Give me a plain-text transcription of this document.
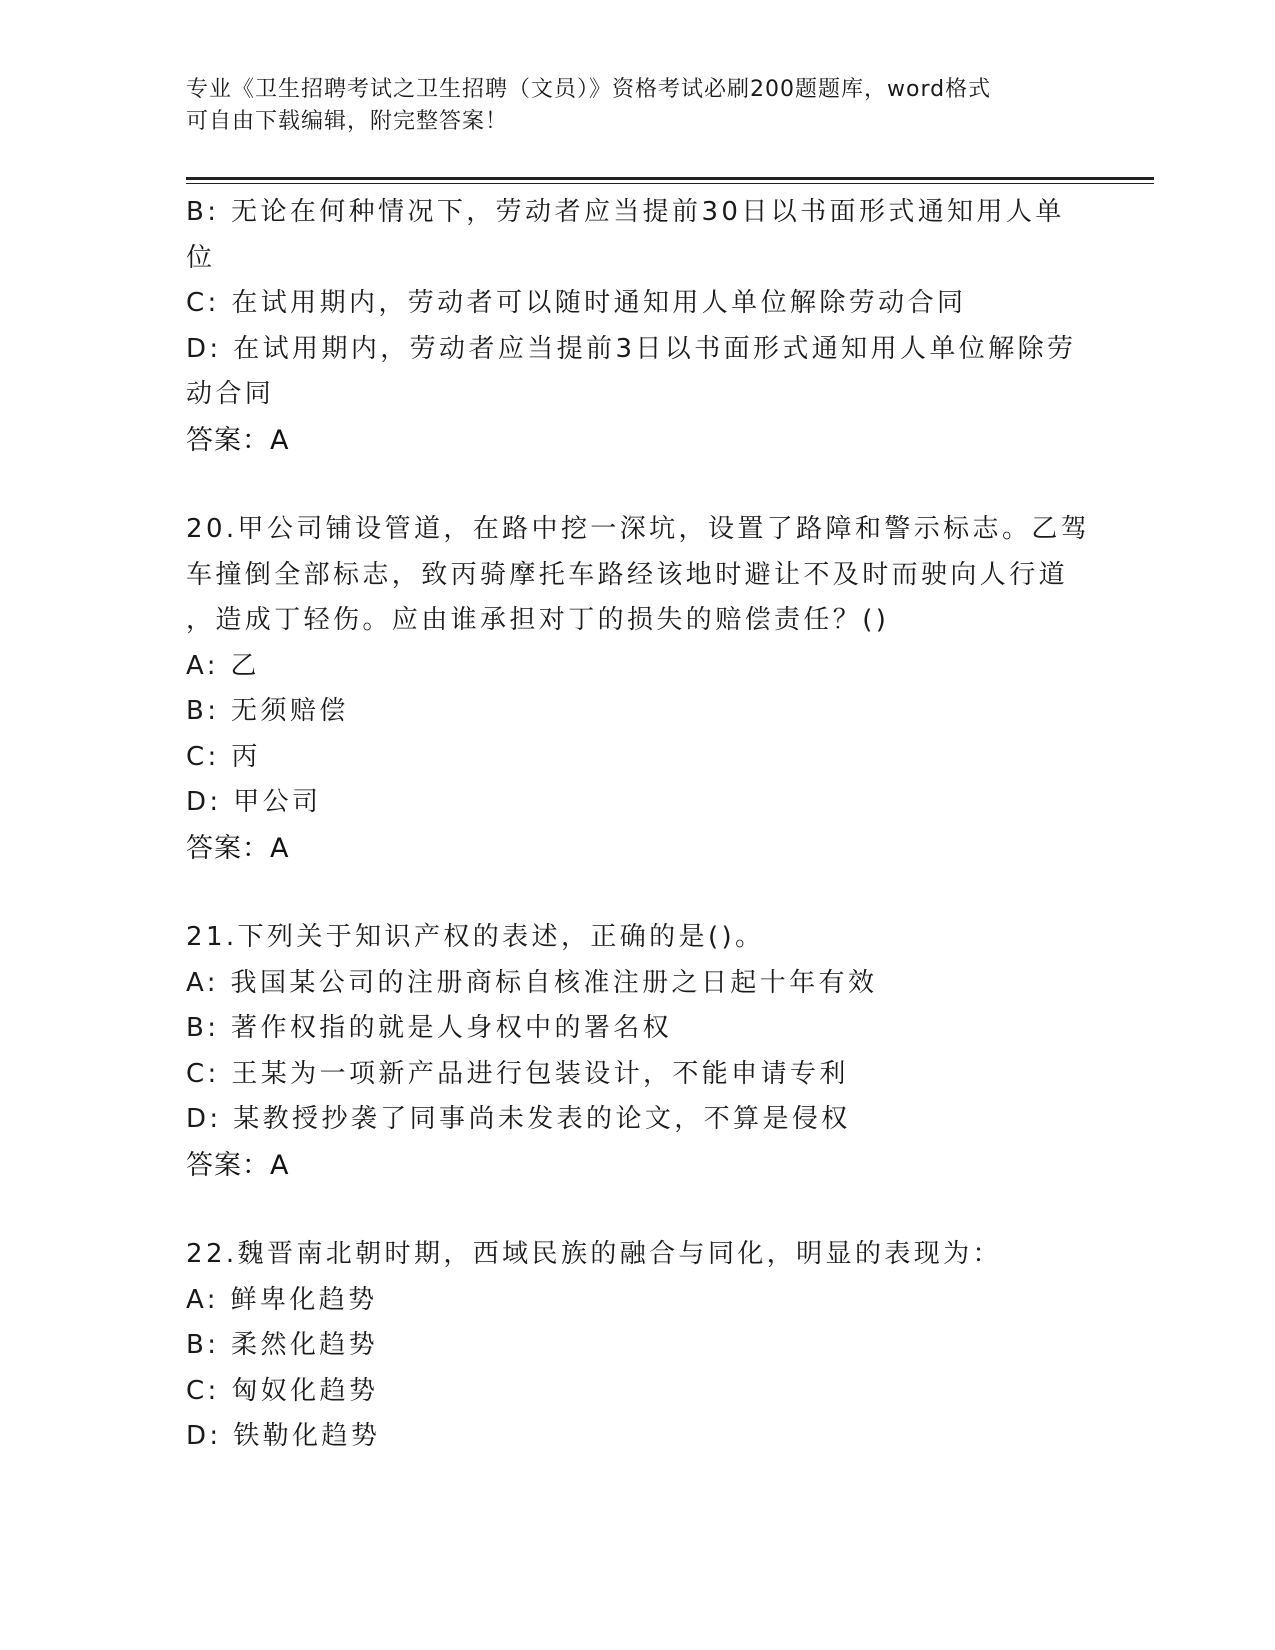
专业《卫生招聘考试之卫生招聘（文员）》资格考试必刷200题题库，word格式
可自由下载编辑，附完整答案！
B: 无论在何种情况下，劳动者应当提前30日以书面形式通知用人单
位
C: 在试用期内，劳动者可以随时通知用人单位解除劳动合同
D: 在试用期内，劳动者应当提前3日以书面形式通知用人单位解除劳
动合同
答案：A
20.甲公司铺设管道，在路中挖一深坑，设置了路障和警示标志。乙驾
车撞倒全部标志，致丙骑摩托车路经该地时避让不及时而驶向人行道
，造成丁轻伤。应由谁承担对丁的损失的赔偿责任？()
A: 乙
B: 无须赔偿
C: 丙
D: 甲公司
答案：A
21.下列关于知识产权的表述，正确的是()。
A: 我国某公司的注册商标自核准注册之日起十年有效
B: 著作权指的就是人身权中的署名权
C: 王某为一项新产品进行包装设计，不能申请专利
D: 某教授抄袭了同事尚未发表的论文，不算是侵权
答案：A
22.魏晋南北朝时期，西域民族的融合与同化，明显的表现为：
A: 鲜卑化趋势
B: 柔然化趋势
C: 匈奴化趋势
D: 铁勒化趋势
